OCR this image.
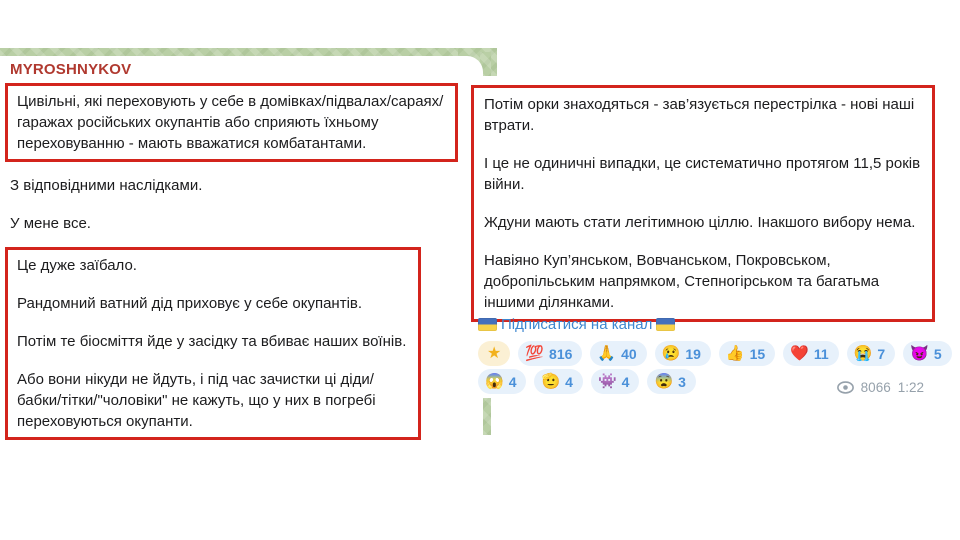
MYROSHNYKOV

Цивільні, які переховують у себе в домівках/підвалах/сараях/гаражах російських окупантів або сприяють їхньому переховуванню - мають вважатися комбатантами.

З відповідними наслідками.
У мене все.

Це дуже заїбало.

Рандомний ватний дід приховує у себе окупантів.

Потім те біосміття йде у засідку та вбиває наших воїнів.

Або вони нікуди не йдуть, і під час зачистки ці діди/бабки/тітки/"чоловіки" не кажуть, що у них в погребі переховуються окупанти.

Потім орки знаходяться - зав’язується перестрілка - нові наші втрати.

І це не одиничні випадки, це систематично протягом 11,5 років війни.

Ждуни мають стати легітимною ціллю. Інакшого вибору нема.

Навіяно Куп’янськом, Вовчанськом, Покровськом, добропільським напрямком, Степногірськом та багатьма іншими ділянками.

Підписатися на канал
★ 💯 816 🙏 40 😢 19 👍 15 ❤️ 11 😭 7 😈 5
😱 4 🫡 4 👾 4 😨 3	8066 1:22
